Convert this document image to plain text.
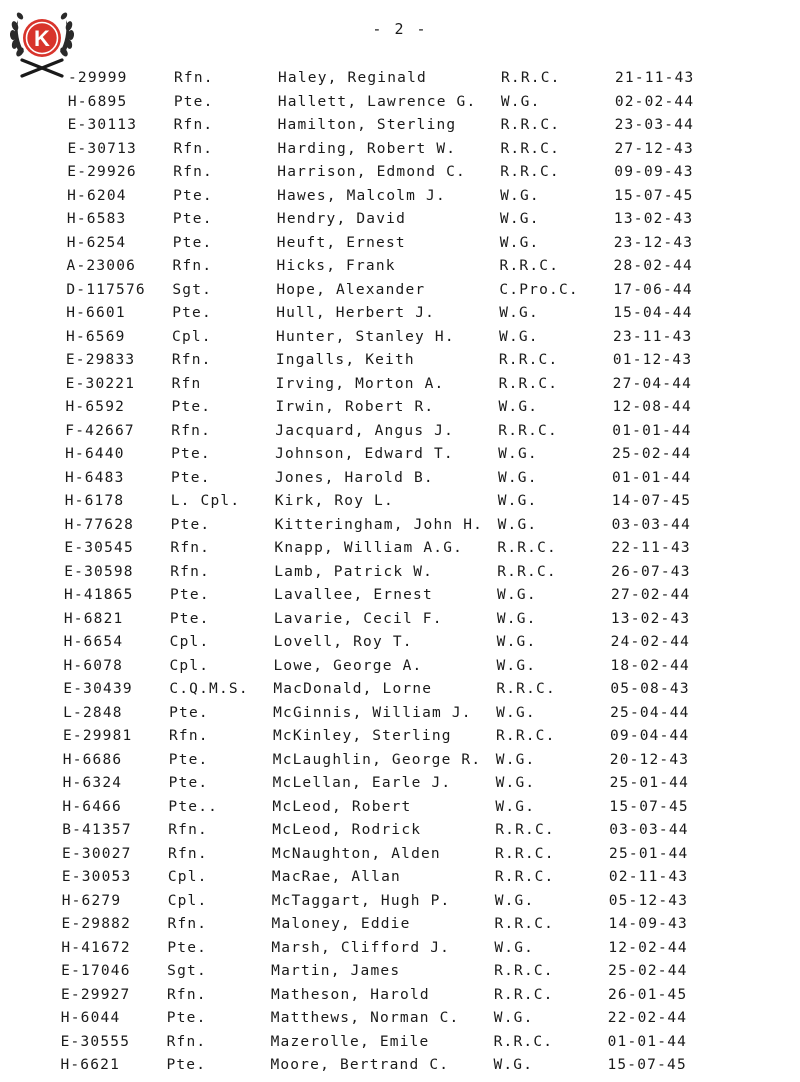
K	- 2 -
-29999	Rfn.	Haley, Reginald	R.R.C.	21-11-43
H-6895	Pte.	Hallett, Lawrence G. W.G.	02-02-44
E-30113	Rfn.	Hamilton, Sterling	R.R.C.	23-03-44
E-30713	Rfn.	Harding, Robert W.	R.R.C.	27-12-43
E-29926	Rfn.	Harrison, Edmond C. R.R.C.	09-09-43
H-6204	Pte.	Hawes, Malcolm J.	W.G.	15-07-45
H-6583	Pte.	Hendry, David	W.G.	13-02-43
H-6254	Pte.	Heuft, Ernest	W.G.	23-12-43
A-23006	Rfn.	Hicks, Frank	R.R.C.	28-02-44
D-117576 Sgt.	Hope, Alexander	C.Pro.C. 17-06-44
H-6601	Pte.	Hull, Herbert J.	W.G.	15-04-44
H-6569	Cpl.	Hunter, Stanley H.	W.G.	23-11-43
E-29833	Rfn.	Ingalls, Keith	R.R.C.	01-12-43
E-30221	Rfn	Irving, Morton A.	R.R.C.	27-04-44
H-6592	Pte.	Irwin, Robert R.	W.G.	12-08-44
F-42667	Rfn.	Jacquard, Angus J.	R.R.C.	01-01-44
H-6440	Pte.	Johnson, Edward T.	W.G.	25-02-44
H-6483	Pte.	Jones, Harold B.	W.G.	01-01-44
H-6178	L. Cpl. Kirk, Roy L.	W.G.	14-07-45
H-77628	Pte.	Kitteringham, John H. W.G.	03-03-44
E-30545	Rfn.	Knapp, William A.G. R.R.C.	22-11-43
E-30598	Rfn.	Lamb, Patrick W.	R.R.C.	26-07-43
H-41865	Pte.	Lavallee, Ernest	W.G.	27-02-44
H-6821	Pte.	Lavarie, Cecil F.	W.G.	13-02-43
H-6654	Cpl.	Lovell, Roy T.	W.G.	24-02-44
H-6078	Cpl.	Lowe, George A.	W.G.	18-02-44
E-30439	C.Q.M.S. MacDonald, Lorne	R.R.C.	05-08-43
L-2848	Pte.	McGinnis, William J. W.G.	25-04-44
E-29981	Rfn.	McKinley, Sterling	R.R.C.	09-04-44
H-6686	Pte.	McLaughlin, George R. W.G.	20-12-43
H-6324	Pte.	McLellan, Earle J.	W.G.	25-01-44
H-6466	Pte..	McLeod, Robert	W.G.	15-07-45
B-41357	Rfn.	McLeod, Rodrick	R.R.C.	03-03-44
E-30027	Rfn.	McNaughton, Alden	R.R.C.	25-01-44
E-30053	Cpl.	MacRae, Allan	R.R.C.	02-11-43
H-6279	Cpl.	McTaggart, Hugh P.	W.G.	05-12-43
E-29882	Rfn.	Maloney, Eddie	R.R.C.	14-09-43
H-41672	Pte.	Marsh, Clifford J.	W.G.	12-02-44
E-17046	Sgt.	Martin, James	R.R.C.	25-02-44
E-29927	Rfn.	Matheson, Harold	R.R.C.	26-01-45
H-6044	Pte.	Matthews, Norman C. W.G.	22-02-44
E-30555	Rfn.	Mazerolle, Emile	R.R.C.	01-01-44
H-6621	Pte.	Moore, Bertrand C.	W.G.	15-07-45
